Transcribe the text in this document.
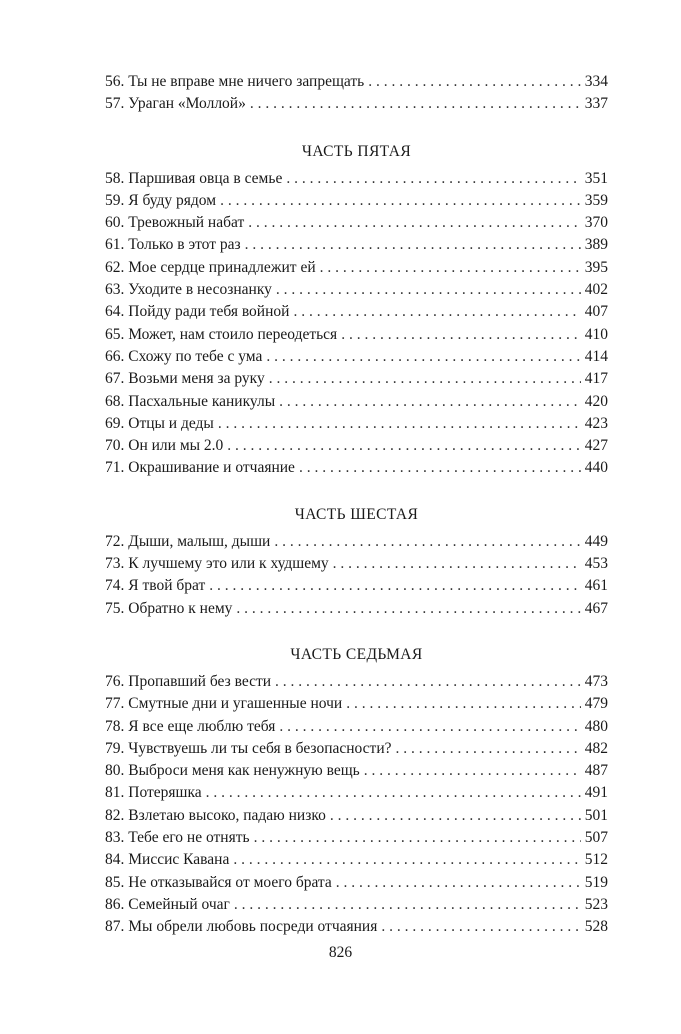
56. Ты не вправе мне ничего запрещать . . .	334
57. Ураган «Моллой» . . .	337
ЧАСТЬ ПЯТАЯ
58. Паршивая овца в семье . . .	351
59. Я буду рядом . . .	359
60. Тревожный набат . . .	370
61. Только в этот раз . . .	389
62. Мое сердце принадлежит ей . . .	395
63. Уходите в несознанку . . .	402
64. Пойду ради тебя войной . . .	407
65. Может, нам стоило переодеться . . .	410
66. Схожу по тебе с ума . . .	414
67. Возьми меня за руку . . .	417
68. Пасхальные каникулы . . .	420
69. Отцы и деды . . .	423
70. Он или мы 2.0 . . .	427
71. Окрашивание и отчаяние . . .	440
ЧАСТЬ ШЕСТАЯ
72. Дыши, малыш, дыши . . .	449
73. К лучшему это или к худшему . . .	453
74. Я твой брат . . .	461
75. Обратно к нему . . .	467
ЧАСТЬ СЕДЬМАЯ
76. Пропавший без вести . . .	473
77. Смутные дни и угашенные ночи . . .	479
78. Я все еще люблю тебя . . .	480
79. Чувствуешь ли ты себя в безопасности? . . .	482
80. Выброси меня как ненужную вещь . . .	487
81. Потеряшка . . .	491
82. Взлетаю высоко, падаю низко . . .	501
83. Тебе его не отнять . . .	507
84. Миссис Кавана . . .	512
85. Не отказывайся от моего брата . . .	519
86. Семейный очаг . . .	523
87. Мы обрели любовь посреди отчаяния . . .	528
826
